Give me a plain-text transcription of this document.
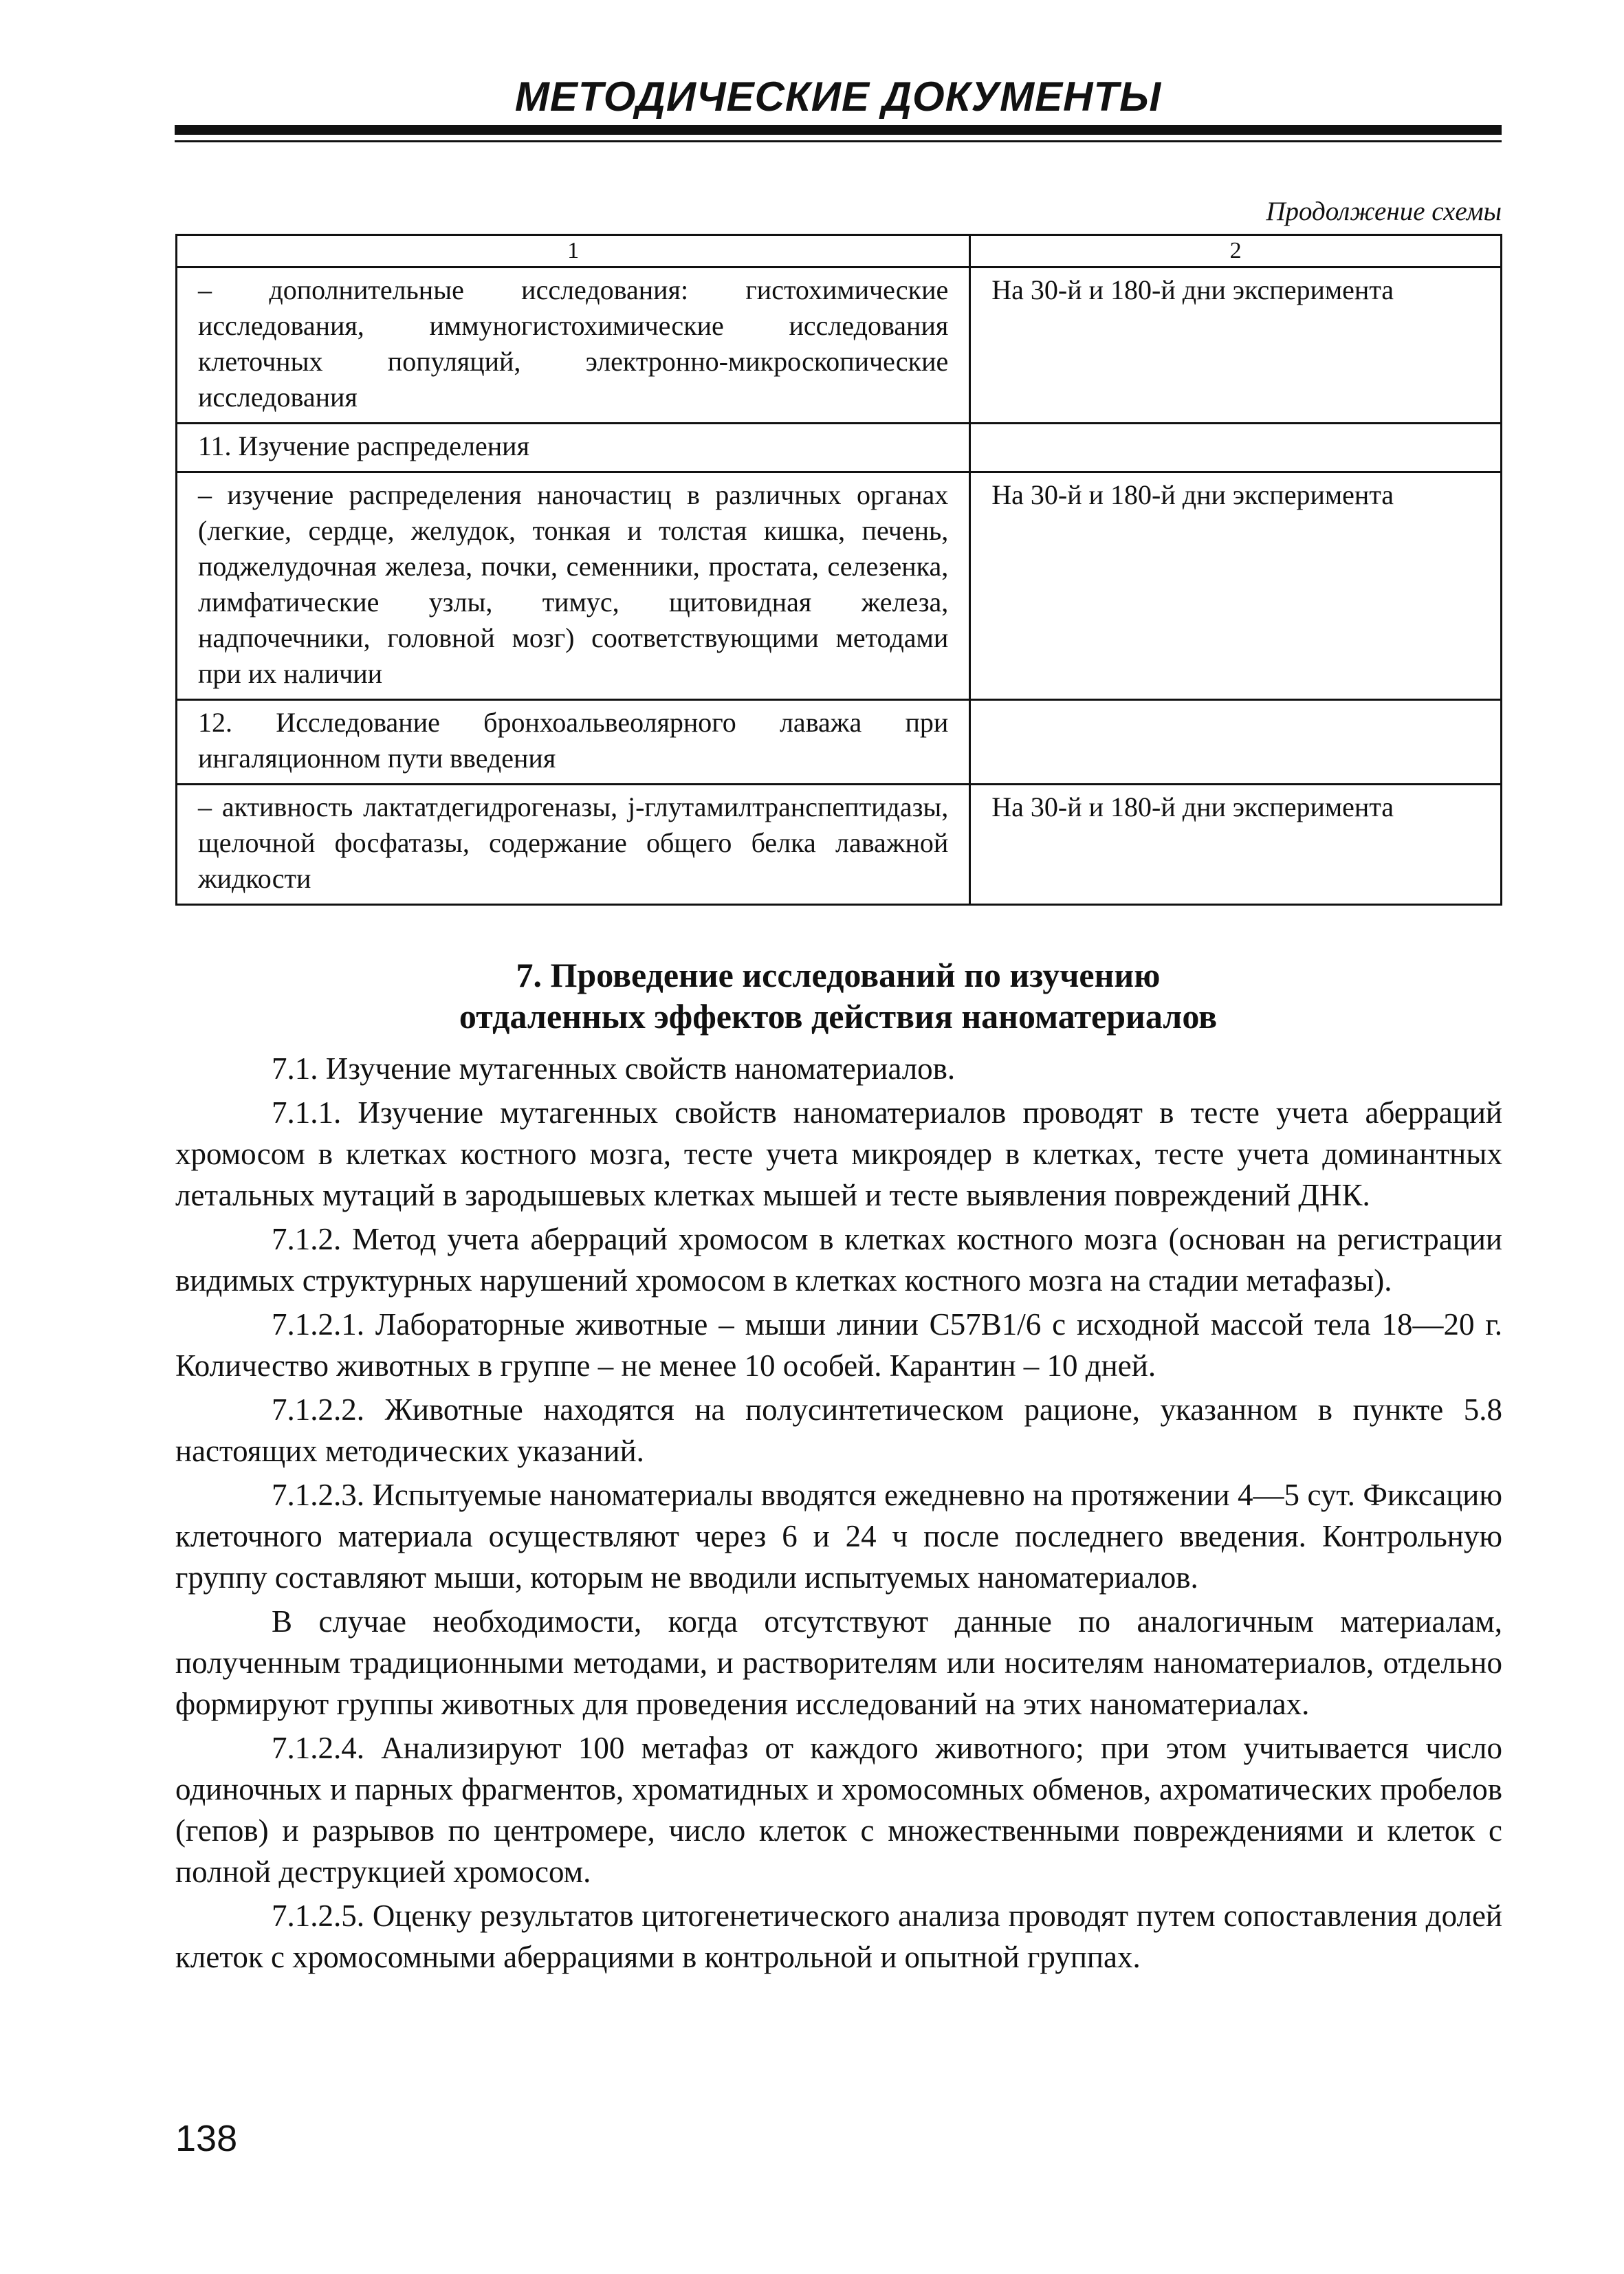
МЕТОДИЧЕСКИЕ ДОКУМЕНТЫ
Продолжение схемы
1	2

– дополнительные исследования: гистохимические исследования, иммуногистохимические исследования клеточных популяций, электронно-микроскопические исследования	На 30-й и 180-й дни эксперимента

11. Изучение распределения	

– изучение распределения наночастиц в различных органах (легкие, сердце, желудок, тонкая и толстая кишка, печень, поджелудочная железа, почки, семенники, простата, селезенка, лимфатические узлы, тимус, щитовидная железа, надпочечники, головной мозг) соответствующими методами при их наличии	На 30-й и 180-й дни эксперимента

12. Исследование бронхоальвеолярного лаважа при ингаляционном пути введения	

– активность лактатдегидрогеназы, j-глутамилтранспептидазы, щелочной фосфатазы, содержание общего белка лаважной жидкости	На 30-й и 180-й дни эксперимента
7. Проведение исследований по изучению
отдаленных эффектов действия наноматериалов

7.1. Изучение мутагенных свойств наноматериалов.

7.1.1. Изучение мутагенных свойств наноматериалов проводят в тесте учета аберраций хромосом в клетках костного мозга, тесте учета микроядер в клетках, тесте учета доминантных летальных мутаций в зародышевых клетках мышей и тесте выявления повреждений ДНК.

7.1.2. Метод учета аберраций хромосом в клетках костного мозга (основан на регистрации видимых структурных нарушений хромосом в клетках костного мозга на стадии метафазы).

7.1.2.1. Лабораторные животные – мыши линии C57B1/6 с исходной массой тела 18—20 г. Количество животных в группе – не менее 10 особей. Карантин – 10 дней.

7.1.2.2. Животные находятся на полусинтетическом рационе, указанном в пункте 5.8 настоящих методических указаний.

7.1.2.3. Испытуемые наноматериалы вводятся ежедневно на протяжении 4—5 сут. Фиксацию клеточного материала осуществляют через 6 и 24 ч после последнего введения. Контрольную группу составляют мыши, которым не вводили испытуемых наноматериалов.

В случае необходимости, когда отсутствуют данные по аналогичным материалам, полученным традиционными методами, и растворителям или носителям наноматериалов, отдельно формируют группы животных для проведения исследований на этих наноматериалах.

7.1.2.4. Анализируют 100 метафаз от каждого животного; при этом учитывается число одиночных и парных фрагментов, хроматидных и хромосомных обменов, ахроматических пробелов (гепов) и разрывов по центромере, число клеток с множественными повреждениями и клеток с полной деструкцией хромосом.

7.1.2.5. Оценку результатов цитогенетического анализа проводят путем сопоставления долей клеток с хромосомными аберрациями в контрольной и опытной группах.

138
